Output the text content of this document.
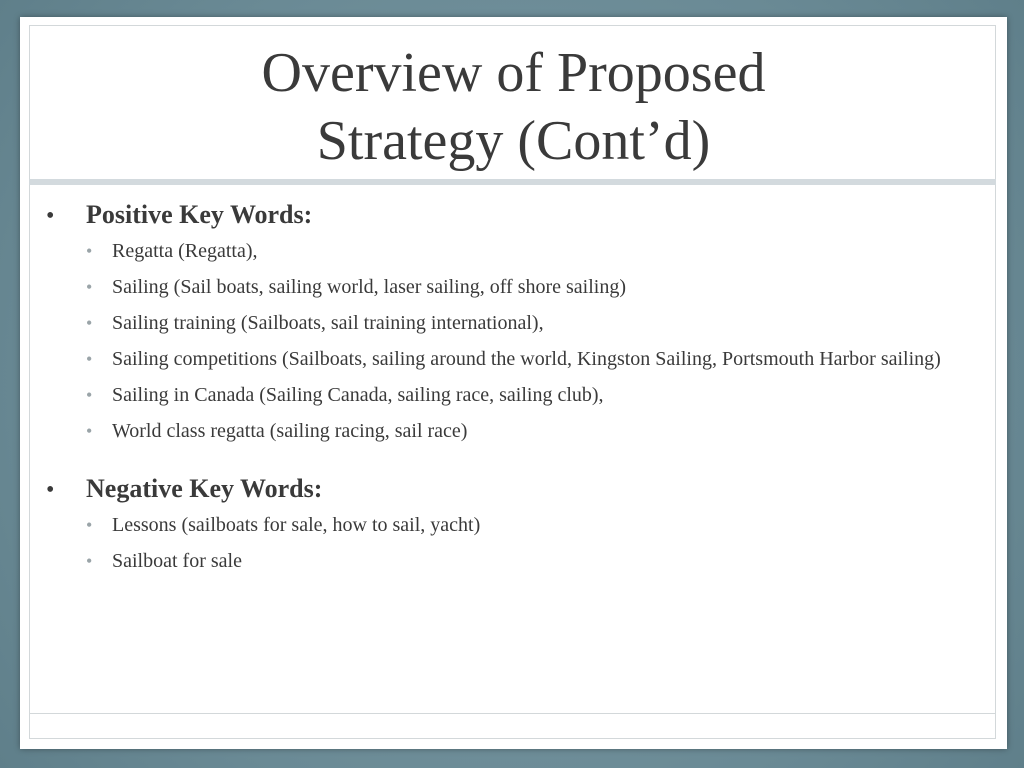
Overview of Proposed
Strategy (Cont’d)
•	Positive Key Words:
• Regatta (Regatta),
• Sailing (Sail boats, sailing world, laser sailing, off shore sailing)
• Sailing training (Sailboats, sail training international),
• Sailing competitions (Sailboats, sailing around the world, Kingston Sailing, Portsmouth Harbor sailing)
• Sailing in Canada (Sailing Canada, sailing race, sailing club),
• World class regatta (sailing racing, sail race)
•	Negative Key Words:
• Lessons (sailboats for sale, how to sail, yacht)
• Sailboat for sale
